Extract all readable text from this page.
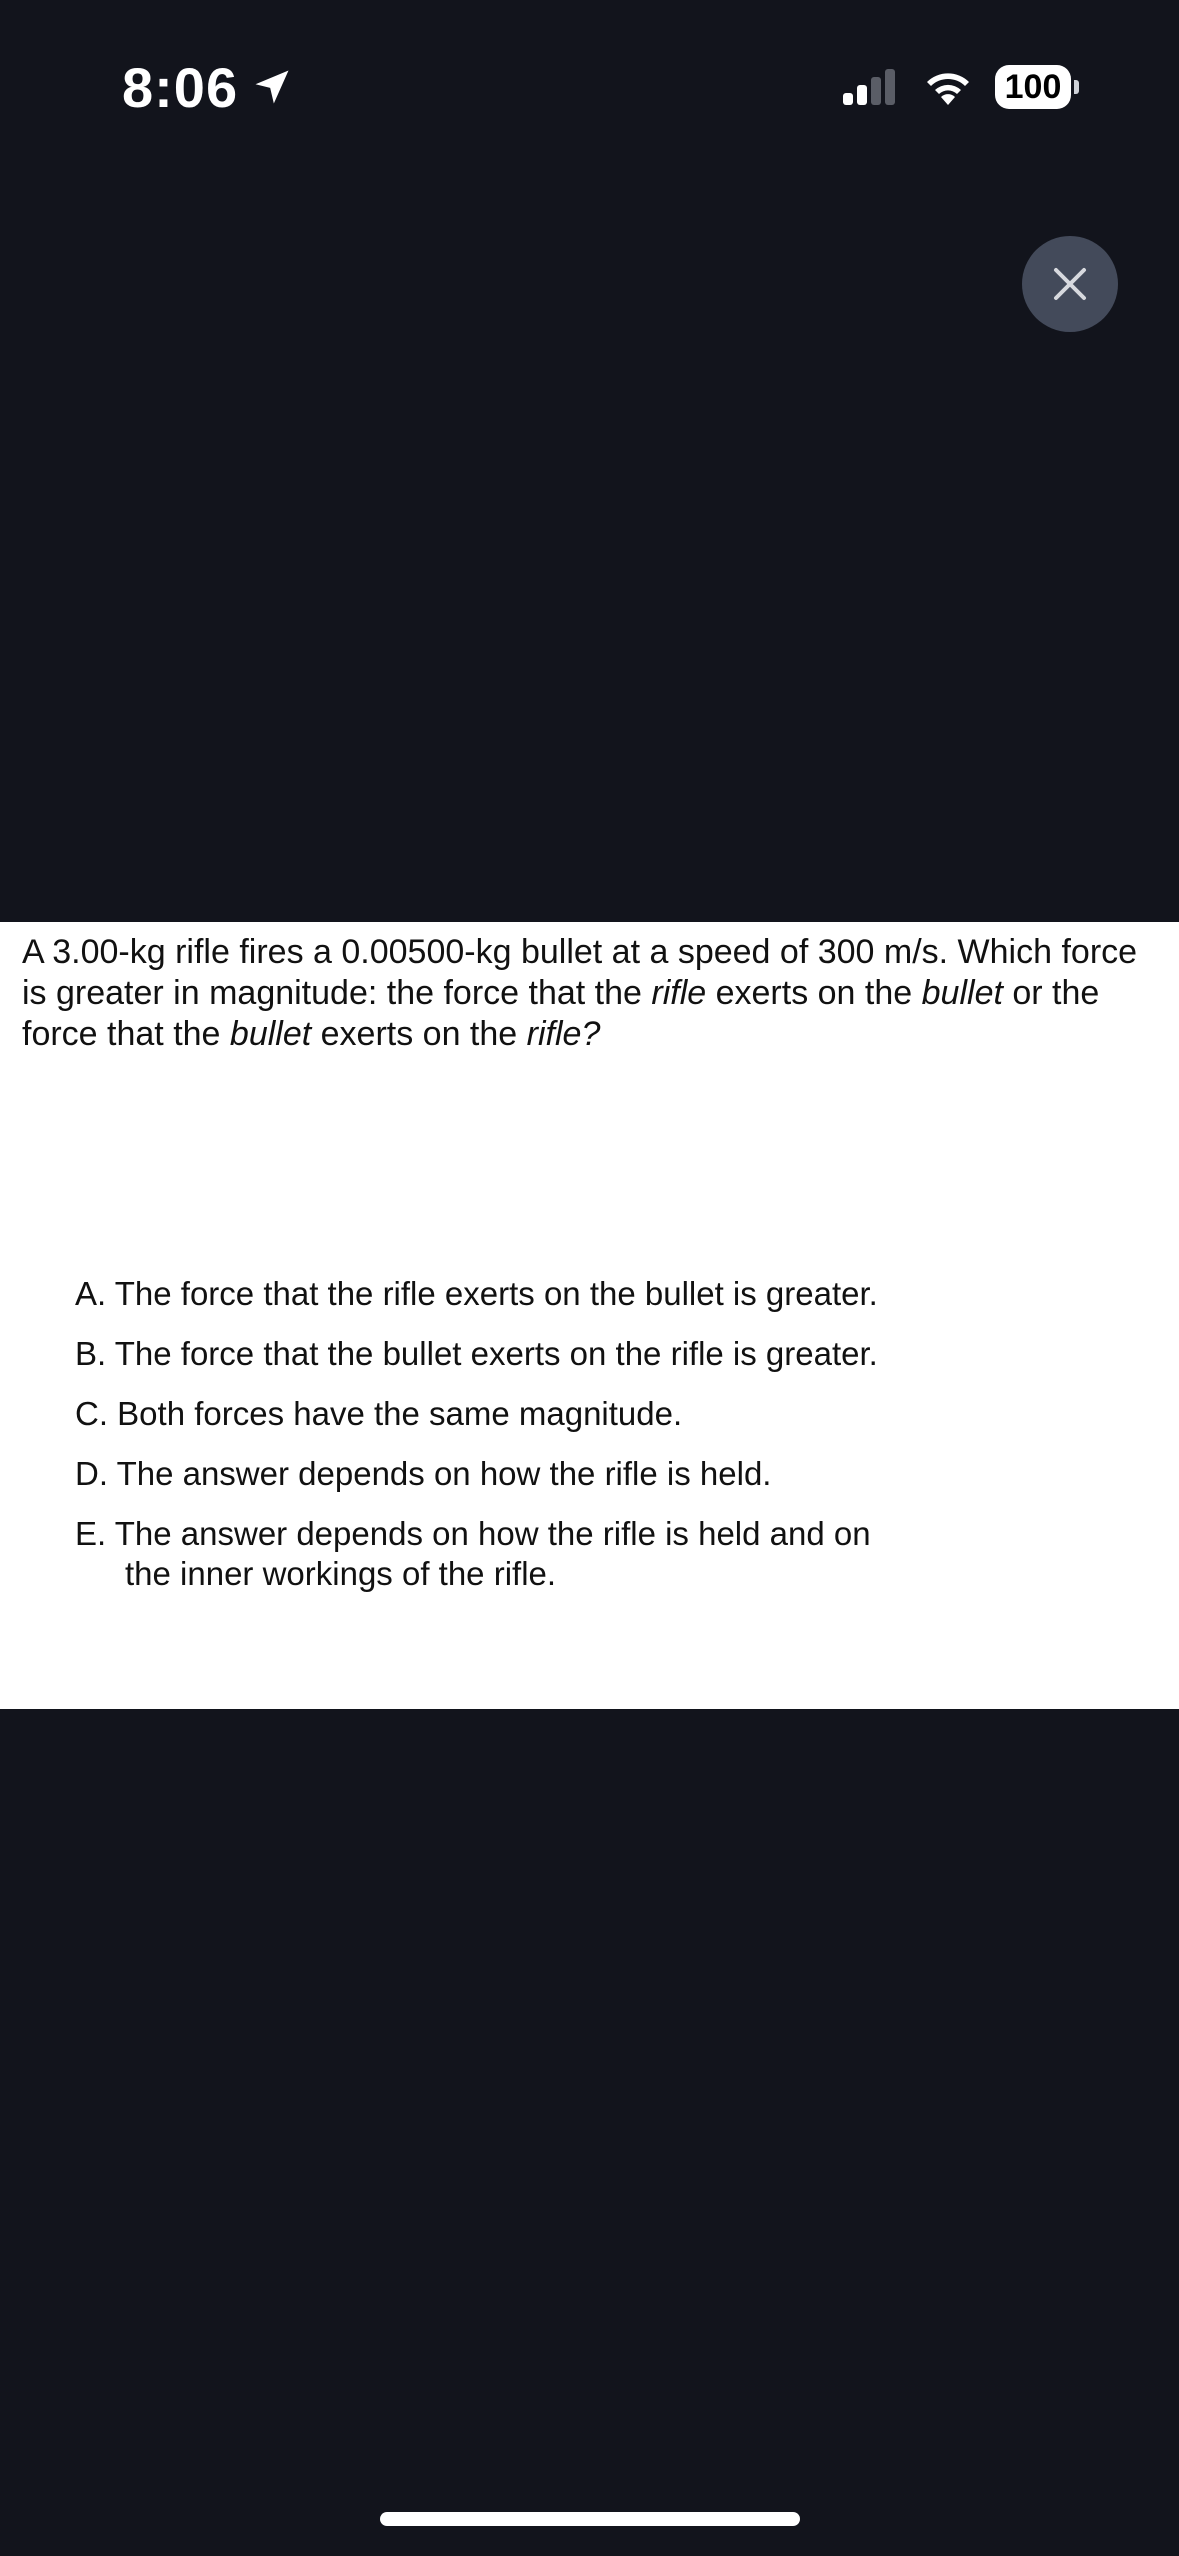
8:06	100

A 3.00-kg rifle fires a 0.00500-kg bullet at a speed of 300 m/s. Which force is greater in magnitude: the force that the rifle exerts on the bullet or the force that the bullet exerts on the rifle?

A. The force that the rifle exerts on the bullet is greater.
B. The force that the bullet exerts on the rifle is greater.
C. Both forces have the same magnitude.
D. The answer depends on how the rifle is held.
E. The answer depends on how the rifle is held and on
the inner workings of the rifle.
